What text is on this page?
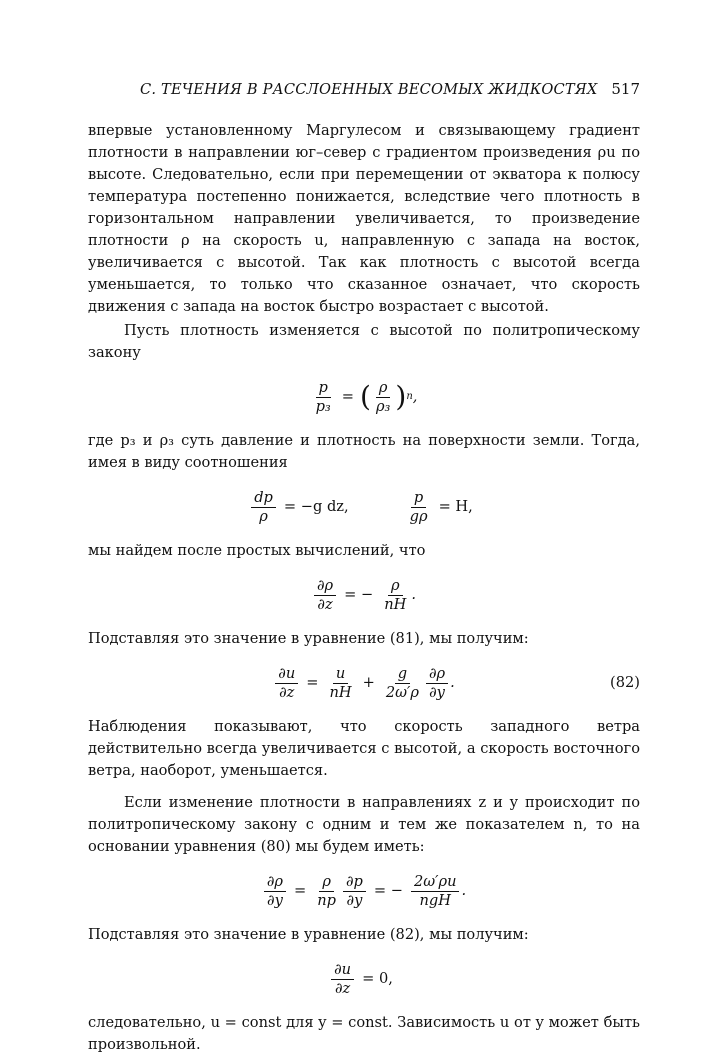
С. ТЕЧЕНИЯ В РАССЛОЕННЫХ ВЕСОМЫХ ЖИДКОСТЯХ 517

впервые установленному Маргулесом и связывающему градиент плотности в направлении юг–север с градиентом произведения ρu по высоте. Следовательно, если при перемещении от экватора к полюсу температура постепенно понижается, вследствие чего плотность в горизонтальном направлении увеличивается, то произведение плотности ρ на скорость u, направленную с запада на восток, увеличивается с высотой. Так как плотность с высотой всегда уменьшается, то только что сказанное означает, что скорость движения с запада на восток быстро возрастает с высотой.

Пусть плотность изменяется с высотой по политропическому закону

$\frac{p}{\text{p₃}}$ = ( $\frac{\rho}{\text{ρ₃}}$ ) n ,

где p₃ и ρ₃ суть давление и плотность на поверхности земли. Тогда, имея в виду соотношения

$\frac{dp}{\rho} = -g$ dz,	$\frac{p}{g\rho} = H$,

мы найдем после простых вычислений, что

$\frac{\partial\rho}{\partial z}$ = − $\frac{\rho}{nH}$ .

Подставляя это значение в уравнение (81), мы получим:

$\frac{\partial u}{\partial z} = \frac{u}{nH} + \frac{g}{2\omega'\rho} \frac{\partial\rho}{\partial y}$ .	(82)

Наблюдения показывают, что скорость западного ветра действительно всегда увеличивается с высотой, а скорость восточного ветра, наоборот, уменьшается.

Если изменение плотности в направлениях z и y происходит по политропическому закону с одним и тем же показателем n, то на основании уравнения (80) мы будем иметь:

$\frac{\partial\rho}{\partial y} = \frac{\rho}{np} \frac{\partial p}{\partial y}$ = − $\frac{2\omega'\rho u}{\text{ngH}}$ .

Подставляя это значение в уравнение (82), мы получим:

$\frac{\partial u}{\partial z} = 0$,

следовательно, u = const для y = const. Зависимость u от y может быть произвольной.
